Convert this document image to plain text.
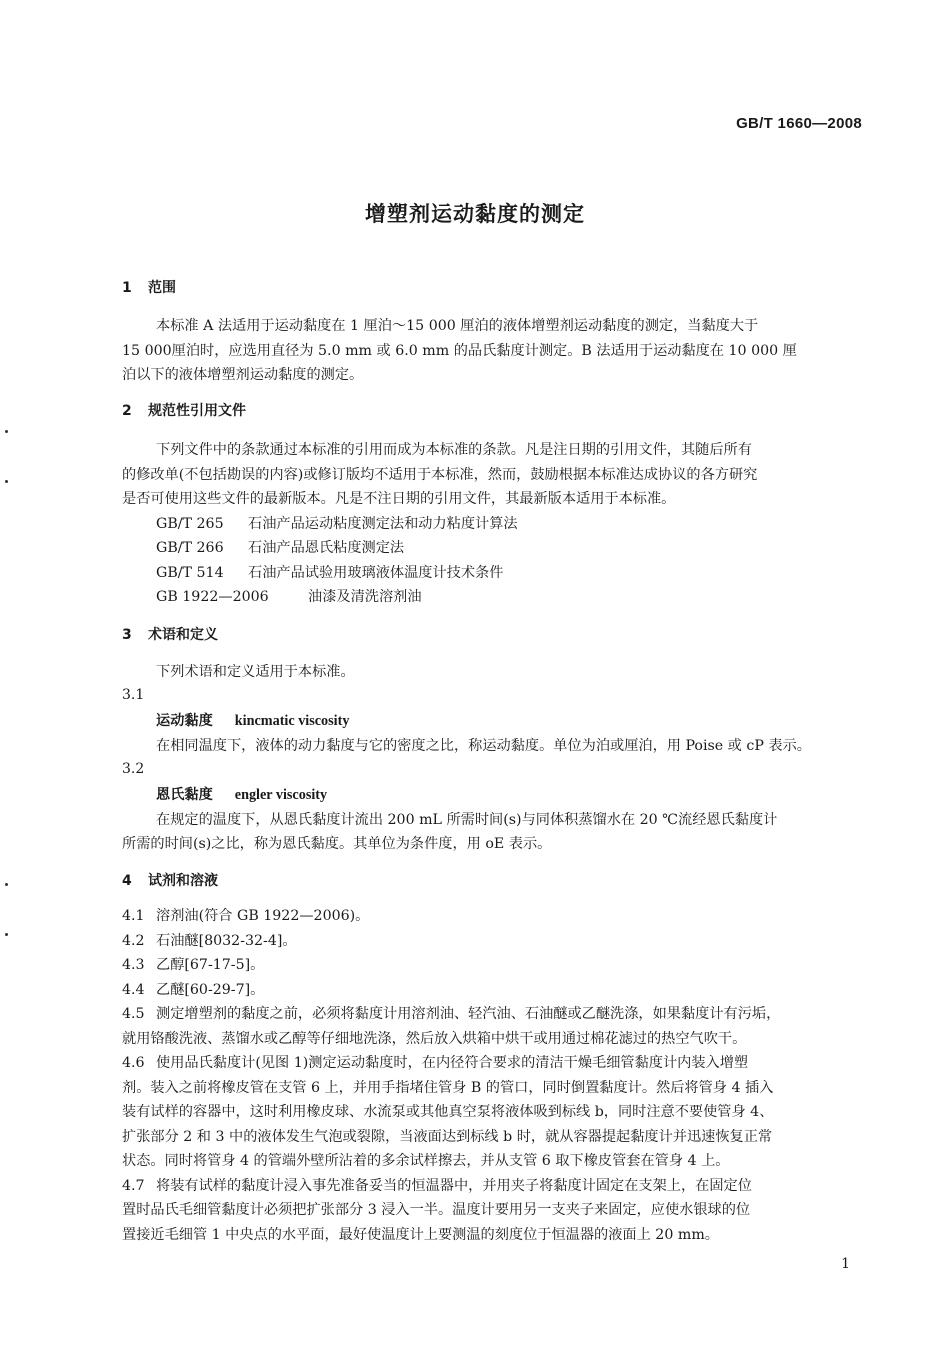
GB/T 1660—2008
增塑剂运动黏度的测定
1 范围
本标准 A 法适用于运动黏度在 1 厘泊～15 000 厘泊的液体增塑剂运动黏度的测定，当黏度大于
15 000厘泊时，应选用直径为 5.0 mm 或 6.0 mm 的品氏黏度计测定。B 法适用于运动黏度在 10 000 厘
泊以下的液体增塑剂运动黏度的测定。
2 规范性引用文件
下列文件中的条款通过本标准的引用而成为本标准的条款。凡是注日期的引用文件，其随后所有
的修改单(不包括勘误的内容)或修订版均不适用于本标准，然而，鼓励根据本标准达成协议的各方研究
是否可使用这些文件的最新版本。凡是不注日期的引用文件，其最新版本适用于本标准。
GB/T 265 石油产品运动粘度测定法和动力粘度计算法
GB/T 266 石油产品恩氏粘度测定法
GB/T 514 石油产品试验用玻璃液体温度计技术条件
GB 1922—2006	油漆及清洗溶剂油
3 术语和定义
下列术语和定义适用于本标准。
3.1
运动黏度 kincmatic viscosity
在相同温度下，液体的动力黏度与它的密度之比，称运动黏度。单位为泊或厘泊，用 Poise 或 cP 表示。
3.2
恩氏黏度 engler viscosity
在规定的温度下，从恩氏黏度计流出 200 mL 所需时间(s)与同体积蒸馏水在 20 ℃流经恩氏黏度计
所需的时间(s)之比，称为恩氏黏度。其单位为条件度，用 oE 表示。
4 试剂和溶液
4.1 溶剂油(符合 GB 1922—2006)。
4.2 石油醚[8032-32-4]。
4.3 乙醇[67-17-5]。
4.4 乙醚[60-29-7]。
4.5 测定增塑剂的黏度之前，必须将黏度计用溶剂油、轻汽油、石油醚或乙醚洗涤，如果黏度计有污垢，
就用铬酸洗液、蒸馏水或乙醇等仔细地洗涤，然后放入烘箱中烘干或用通过棉花滤过的热空气吹干。
4.6 使用品氏黏度计(见图 1)测定运动黏度时，在内径符合要求的清洁干燥毛细管黏度计内装入增塑
剂。装入之前将橡皮管在支管 6 上，并用手指堵住管身 B 的管口，同时倒置黏度计。然后将管身 4 插入
装有试样的容器中，这时利用橡皮球、水流泵或其他真空泵将液体吸到标线 b，同时注意不要使管身 4、
扩张部分 2 和 3 中的液体发生气泡或裂隙，当液面达到标线 b 时，就从容器提起黏度计并迅速恢复正常
状态。同时将管身 4 的管端外壁所沾着的多余试样擦去，并从支管 6 取下橡皮管套在管身 4 上。
4.7 将装有试样的黏度计浸入事先准备妥当的恒温器中，并用夹子将黏度计固定在支架上，在固定位
置时品氏毛细管黏度计必须把扩张部分 3 浸入一半。温度计要用另一支夹子来固定，应使水银球的位
置接近毛细管 1 中央点的水平面，最好使温度计上要测温的刻度位于恒温器的液面上 20 mm。
1
